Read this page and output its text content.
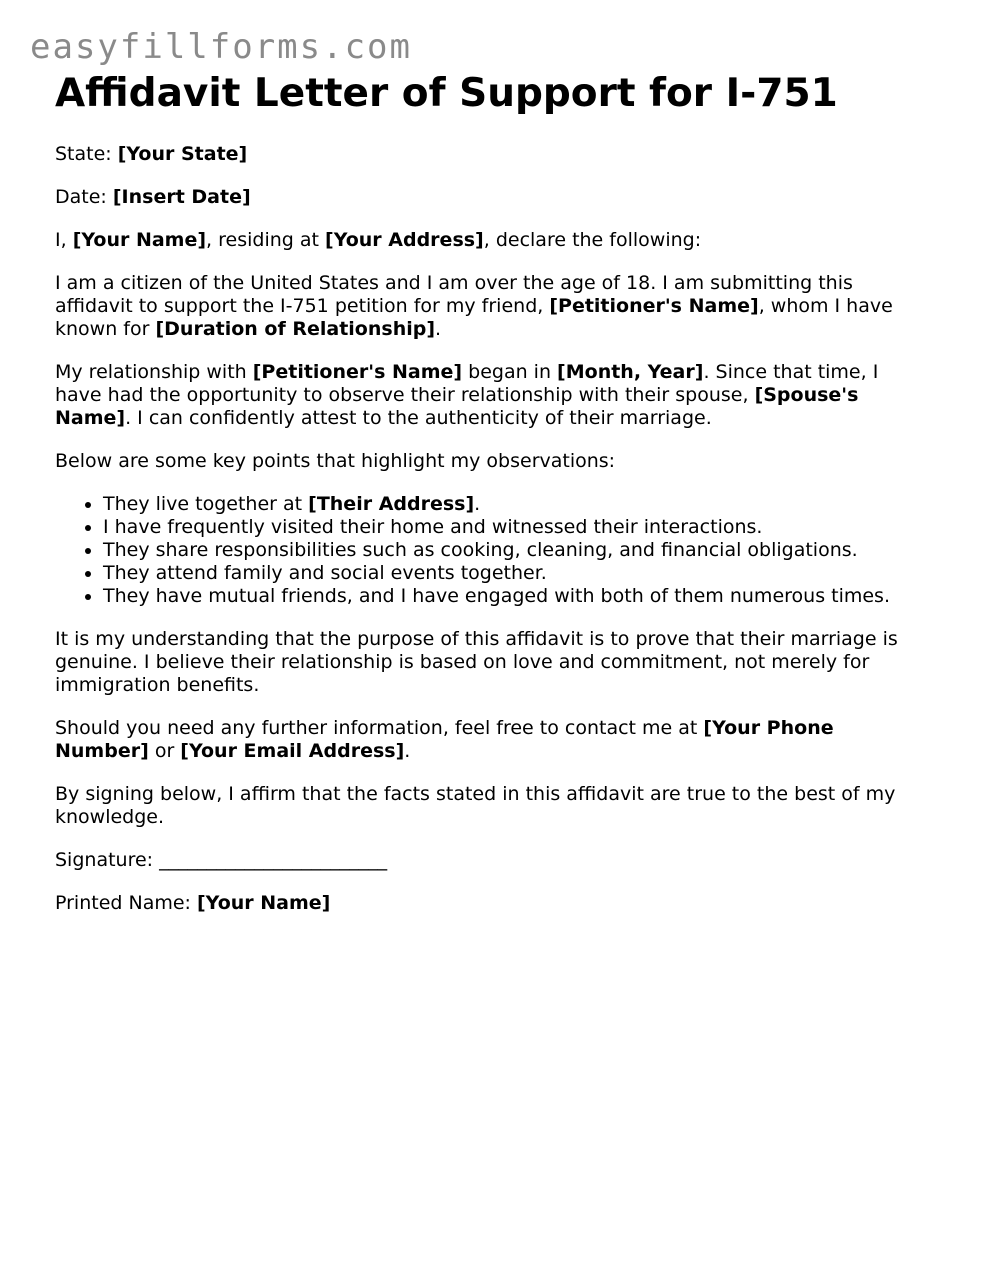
easyfillforms.com
Affidavit Letter of Support for I-751

State: [Your State]

Date: [Insert Date]

I, [Your Name], residing at [Your Address], declare the following:

I am a citizen of the United States and I am over the age of 18. I am submitting this affidavit to support the I-751 petition for my friend, [Petitioner's Name], whom I have known for [Duration of Relationship].

My relationship with [Petitioner's Name] began in [Month, Year]. Since that time, I have had the opportunity to observe their relationship with their spouse, [Spouse's Name]. I can confidently attest to the authenticity of their marriage.

Below are some key points that highlight my observations:

• They live together at [Their Address].
• I have frequently visited their home and witnessed their interactions.
• They share responsibilities such as cooking, cleaning, and financial obligations.
• They attend family and social events together.
• They have mutual friends, and I have engaged with both of them numerous times.

It is my understanding that the purpose of this affidavit is to prove that their marriage is genuine. I believe their relationship is based on love and commitment, not merely for immigration benefits.

Should you need any further information, feel free to contact me at [Your Phone Number] or [Your Email Address].

By signing below, I affirm that the facts stated in this affidavit are true to the best of my knowledge.

Signature: ________________________

Printed Name: [Your Name]
